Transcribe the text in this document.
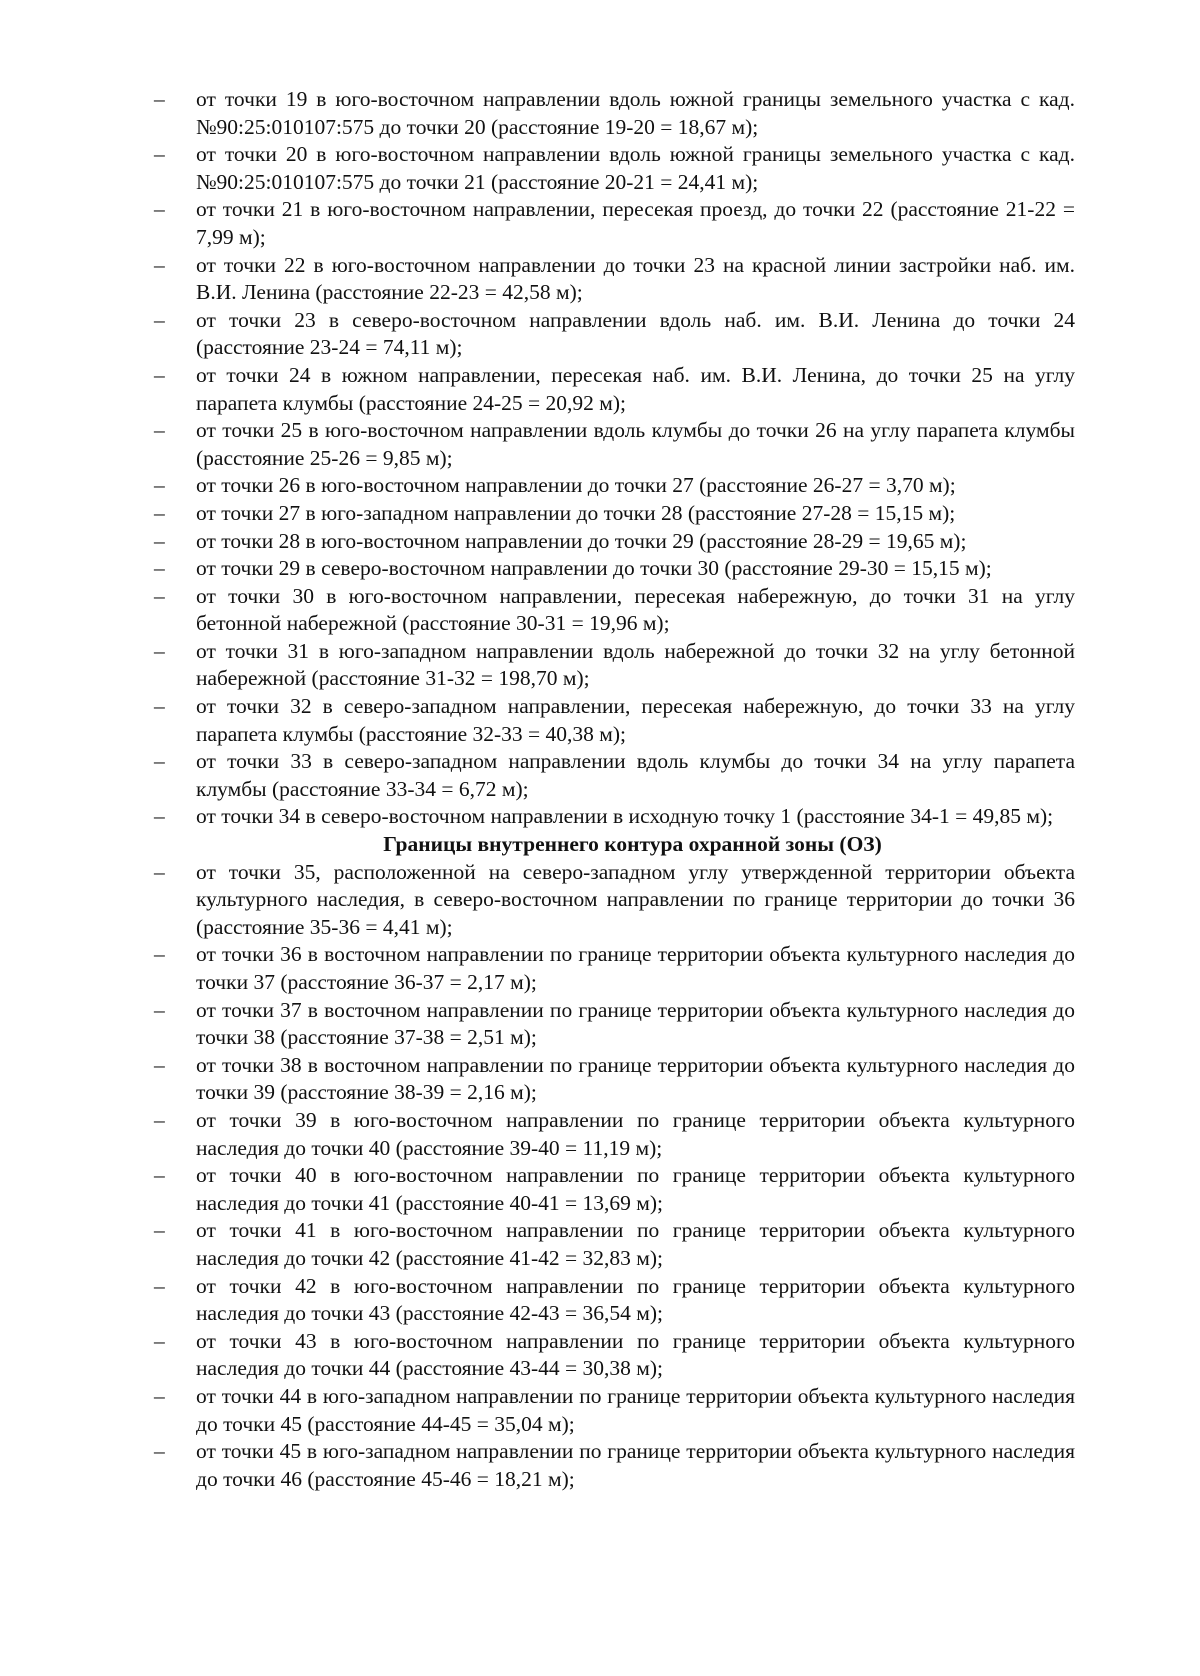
– от точки 19 в юго-восточном направлении вдоль южной границы земельного участка с кад. №90:25:010107:575 до точки 20 (расстояние 19-20 = 18,67 м);

– от точки 20 в юго-восточном направлении вдоль южной границы земельного участка с кад. №90:25:010107:575 до точки 21 (расстояние 20-21 = 24,41 м);

– от точки 21 в юго-восточном направлении, пересекая проезд, до точки 22 (расстояние 21-22 = 7,99 м);

– от точки 22 в юго-восточном направлении до точки 23 на красной линии застройки наб. им. В.И. Ленина (расстояние 22-23 = 42,58 м);

– от точки 23 в северо-восточном направлении вдоль наб. им. В.И. Ленина до точки 24 (расстояние 23-24 = 74,11 м);

– от точки 24 в южном направлении, пересекая наб. им. В.И. Ленина, до точки 25 на углу парапета клумбы (расстояние 24-25 = 20,92 м);

– от точки 25 в юго-восточном направлении вдоль клумбы до точки 26 на углу парапета клумбы (расстояние 25-26 = 9,85 м);

– от точки 26 в юго-восточном направлении до точки 27 (расстояние 26-27 = 3,70 м);

– от точки 27 в юго-западном направлении до точки 28 (расстояние 27-28 = 15,15 м);

– от точки 28 в юго-восточном направлении до точки 29 (расстояние 28-29 = 19,65 м);

– от точки 29 в северо-восточном направлении до точки 30 (расстояние 29-30 = 15,15 м);

– от точки 30 в юго-восточном направлении, пересекая набережную, до точки 31 на углу бетонной набережной (расстояние 30-31 = 19,96 м);

– от точки 31 в юго-западном направлении вдоль набережной до точки 32 на углу бетонной набережной (расстояние 31-32 = 198,70 м);

– от точки 32 в северо-западном направлении, пересекая набережную, до точки 33 на углу парапета клумбы (расстояние 32-33 = 40,38 м);

– от точки 33 в северо-западном направлении вдоль клумбы до точки 34 на углу парапета клумбы (расстояние 33-34 = 6,72 м);

– от точки 34 в северо-восточном направлении в исходную точку 1 (расстояние 34-1 = 49,85 м);

Границы внутреннего контура охранной зоны (ОЗ)

– от точки 35, расположенной на северо-западном углу утвержденной территории объекта культурного наследия, в северо-восточном направлении по границе территории до точки 36 (расстояние 35-36 = 4,41 м);

– от точки 36 в восточном направлении по границе территории объекта культурного наследия до точки 37 (расстояние 36-37 = 2,17 м);

– от точки 37 в восточном направлении по границе территории объекта культурного наследия до точки 38 (расстояние 37-38 = 2,51 м);

– от точки 38 в восточном направлении по границе территории объекта культурного наследия до точки 39 (расстояние 38-39 = 2,16 м);

– от точки 39 в юго-восточном направлении по границе территории объекта культурного наследия до точки 40 (расстояние 39-40 = 11,19 м);

– от точки 40 в юго-восточном направлении по границе территории объекта культурного наследия до точки 41 (расстояние 40-41 = 13,69 м);

– от точки 41 в юго-восточном направлении по границе территории объекта культурного наследия до точки 42 (расстояние 41-42 = 32,83 м);

– от точки 42 в юго-восточном направлении по границе территории объекта культурного наследия до точки 43 (расстояние 42-43 = 36,54 м);

– от точки 43 в юго-восточном направлении по границе территории объекта культурного наследия до точки 44 (расстояние 43-44 = 30,38 м);

– от точки 44 в юго-западном направлении по границе территории объекта культурного наследия до точки 45 (расстояние 44-45 = 35,04 м);

– от точки 45 в юго-западном направлении по границе территории объекта культурного наследия до точки 46 (расстояние 45-46 = 18,21 м);
